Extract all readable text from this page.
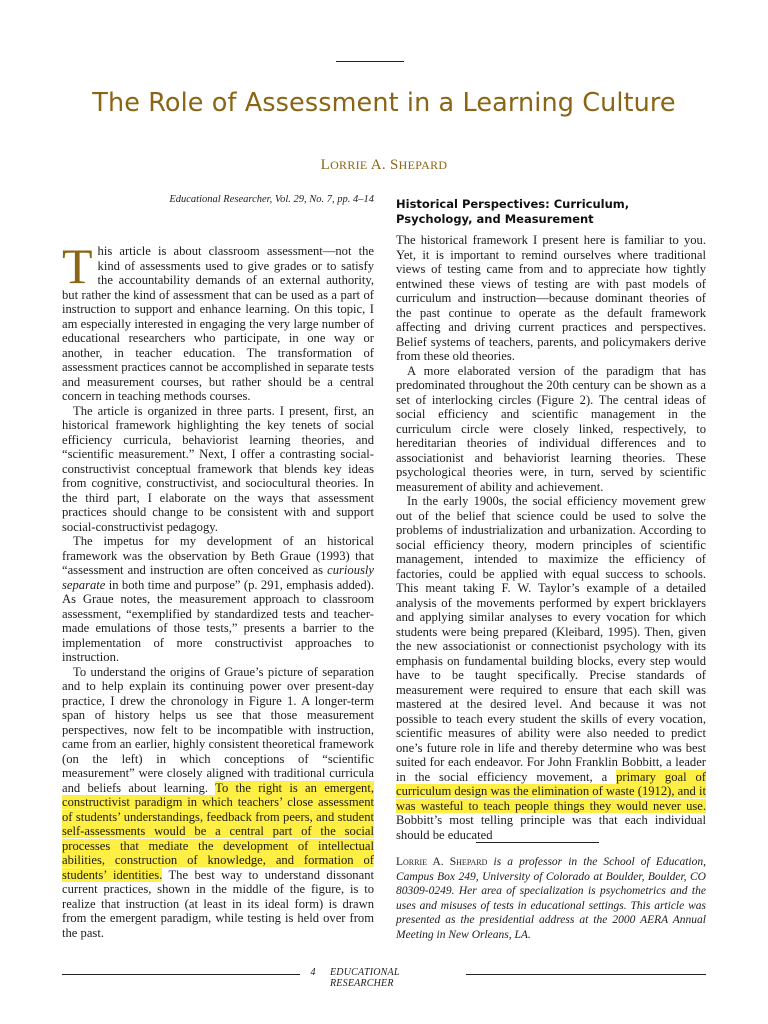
The Role of Assessment in a Learning Culture
LORRIE A. SHEPARD
Educational Researcher, Vol. 29, No. 7, pp. 4–14

This article is about classroom assessment—not the kind of assessments used to give grades or to satisfy the accountability demands of an external authority, but rather the kind of assessment that can be used as a part of instruction to support and enhance learning. On this topic, I am especially interested in engaging the very large number of educational researchers who participate, in one way or another, in teacher education. The transformation of assessment practices cannot be accomplished in separate tests and measurement courses, but rather should be a central concern in teaching methods courses.

The article is organized in three parts. I present, first, an historical framework highlighting the key tenets of social efficiency curricula, behaviorist learning theories, and “scientific measurement.” Next, I offer a contrasting social-constructivist conceptual framework that blends key ideas from cognitive, constructivist, and sociocultural theories. In the third part, I elaborate on the ways that assessment practices should change to be consistent with and support social-constructivist pedagogy.

The impetus for my development of an historical framework was the observation by Beth Graue (1993) that “assessment and instruction are often conceived as curiously separate in both time and purpose” (p. 291, emphasis added). As Graue notes, the measurement approach to classroom assessment, “exemplified by standardized tests and teacher-made emulations of those tests,” presents a barrier to the implementation of more constructivist approaches to instruction.

To understand the origins of Graue’s picture of separation and to help explain its continuing power over present-day practice, I drew the chronology in Figure 1. A longer-term span of history helps us see that those measurement perspectives, now felt to be incompatible with instruction, came from an earlier, highly consistent theoretical framework (on the left) in which conceptions of “scientific measurement” were closely aligned with traditional curricula and beliefs about learning. To the right is an emergent, constructivist paradigm in which teachers’ close assessment of students’ understandings, feedback from peers, and student self-assessments would be a central part of the social processes that mediate the development of intellectual abilities, construction of knowledge, and formation of students’ identities. The best way to understand dissonant current practices, shown in the middle of the figure, is to realize that instruction (at least in its ideal form) is drawn from the emergent paradigm, while testing is held over from the past.

Historical Perspectives: Curriculum, Psychology, and Measurement

The historical framework I present here is familiar to you. Yet, it is important to remind ourselves where traditional views of testing came from and to appreciate how tightly entwined these views of testing are with past models of curriculum and instruction—because dominant theories of the past continue to operate as the default framework affecting and driving current practices and perspectives. Belief systems of teachers, parents, and policymakers derive from these old theories.

A more elaborated version of the paradigm that has predominated throughout the 20th century can be shown as a set of interlocking circles (Figure 2). The central ideas of social efficiency and scientific management in the curriculum circle were closely linked, respectively, to hereditarian theories of individual differences and to associationist and behaviorist learning theories. These psychological theories were, in turn, served by scientific measurement of ability and achievement.

In the early 1900s, the social efficiency movement grew out of the belief that science could be used to solve the problems of industrialization and urbanization. According to social efficiency theory, modern principles of scientific management, intended to maximize the efficiency of factories, could be applied with equal success to schools. This meant taking F. W. Taylor’s example of a detailed analysis of the movements performed by expert bricklayers and applying similar analyses to every vocation for which students were being prepared (Kleibard, 1995). Then, given the new associationist or connectionist psychology with its emphasis on fundamental building blocks, every step would have to be taught specifically. Precise standards of measurement were required to ensure that each skill was mastered at the desired level. And because it was not possible to teach every student the skills of every vocation, scientific measures of ability were also needed to predict one’s future role in life and thereby determine who was best suited for each endeavor. For John Franklin Bobbitt, a leader in the social efficiency movement, a primary goal of curriculum design was the elimination of waste (1912), and it was wasteful to teach people things they would never use. Bobbitt’s most telling principle was that each individual should be educated

Lorrie A. Shepard is a professor in the School of Education, Campus Box 249, University of Colorado at Boulder, Boulder, CO 80309-0249. Her area of specialization is psychometrics and the uses and misuses of tests in educational settings. This article was presented as the presidential address at the 2000 AERA Annual Meeting in New Orleans, LA.
4	EDUCATIONAL RESEARCHER
